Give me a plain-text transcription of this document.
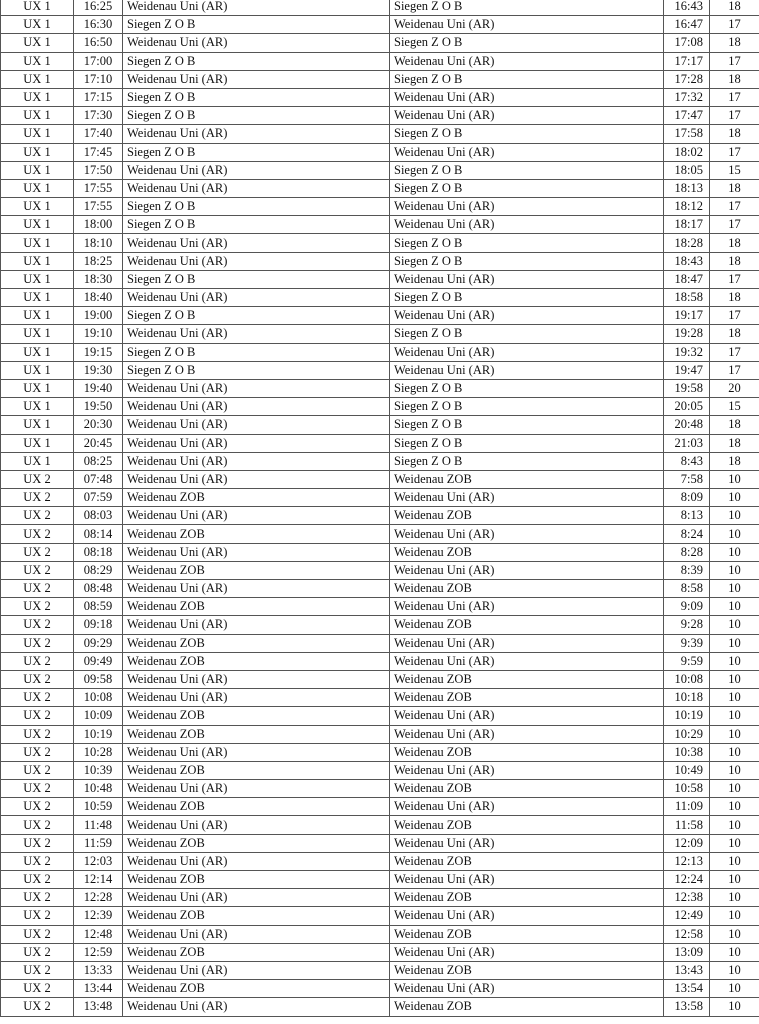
UX 1	16:25	Weidenau Uni (AR)	Siegen Z O B	16:43	18
UX 1	16:30	Siegen Z O B	Weidenau Uni (AR)	16:47	17
UX 1	16:50	Weidenau Uni (AR)	Siegen Z O B	17:08	18
UX 1	17:00	Siegen Z O B	Weidenau Uni (AR)	17:17	17
UX 1	17:10	Weidenau Uni (AR)	Siegen Z O B	17:28	18
UX 1	17:15	Siegen Z O B	Weidenau Uni (AR)	17:32	17
UX 1	17:30	Siegen Z O B	Weidenau Uni (AR)	17:47	17
UX 1	17:40	Weidenau Uni (AR)	Siegen Z O B	17:58	18
UX 1	17:45	Siegen Z O B	Weidenau Uni (AR)	18:02	17
UX 1	17:50	Weidenau Uni (AR)	Siegen Z O B	18:05	15
UX 1	17:55	Weidenau Uni (AR)	Siegen Z O B	18:13	18
UX 1	17:55	Siegen Z O B	Weidenau Uni (AR)	18:12	17
UX 1	18:00	Siegen Z O B	Weidenau Uni (AR)	18:17	17
UX 1	18:10	Weidenau Uni (AR)	Siegen Z O B	18:28	18
UX 1	18:25	Weidenau Uni (AR)	Siegen Z O B	18:43	18
UX 1	18:30	Siegen Z O B	Weidenau Uni (AR)	18:47	17
UX 1	18:40	Weidenau Uni (AR)	Siegen Z O B	18:58	18
UX 1	19:00	Siegen Z O B	Weidenau Uni (AR)	19:17	17
UX 1	19:10	Weidenau Uni (AR)	Siegen Z O B	19:28	18
UX 1	19:15	Siegen Z O B	Weidenau Uni (AR)	19:32	17
UX 1	19:30	Siegen Z O B	Weidenau Uni (AR)	19:47	17
UX 1	19:40	Weidenau Uni (AR)	Siegen Z O B	19:58	20
UX 1	19:50	Weidenau Uni (AR)	Siegen Z O B	20:05	15
UX 1	20:30	Weidenau Uni (AR)	Siegen Z O B	20:48	18
UX 1	20:45	Weidenau Uni (AR)	Siegen Z O B	21:03	18
UX 1	08:25	Weidenau Uni (AR)	Siegen Z O B	8:43	18
UX 2	07:48	Weidenau Uni (AR)	Weidenau ZOB	7:58	10
UX 2	07:59	Weidenau ZOB	Weidenau Uni (AR)	8:09	10
UX 2	08:03	Weidenau Uni (AR)	Weidenau ZOB	8:13	10
UX 2	08:14	Weidenau ZOB	Weidenau Uni (AR)	8:24	10
UX 2	08:18	Weidenau Uni (AR)	Weidenau ZOB	8:28	10
UX 2	08:29	Weidenau ZOB	Weidenau Uni (AR)	8:39	10
UX 2	08:48	Weidenau Uni (AR)	Weidenau ZOB	8:58	10
UX 2	08:59	Weidenau ZOB	Weidenau Uni (AR)	9:09	10
UX 2	09:18	Weidenau Uni (AR)	Weidenau ZOB	9:28	10
UX 2	09:29	Weidenau ZOB	Weidenau Uni (AR)	9:39	10
UX 2	09:49	Weidenau ZOB	Weidenau Uni (AR)	9:59	10
UX 2	09:58	Weidenau Uni (AR)	Weidenau ZOB	10:08	10
UX 2	10:08	Weidenau Uni (AR)	Weidenau ZOB	10:18	10
UX 2	10:09	Weidenau ZOB	Weidenau Uni (AR)	10:19	10
UX 2	10:19	Weidenau ZOB	Weidenau Uni (AR)	10:29	10
UX 2	10:28	Weidenau Uni (AR)	Weidenau ZOB	10:38	10
UX 2	10:39	Weidenau ZOB	Weidenau Uni (AR)	10:49	10
UX 2	10:48	Weidenau Uni (AR)	Weidenau ZOB	10:58	10
UX 2	10:59	Weidenau ZOB	Weidenau Uni (AR)	11:09	10
UX 2	11:48	Weidenau Uni (AR)	Weidenau ZOB	11:58	10
UX 2	11:59	Weidenau ZOB	Weidenau Uni (AR)	12:09	10
UX 2	12:03	Weidenau Uni (AR)	Weidenau ZOB	12:13	10
UX 2	12:14	Weidenau ZOB	Weidenau Uni (AR)	12:24	10
UX 2	12:28	Weidenau Uni (AR)	Weidenau ZOB	12:38	10
UX 2	12:39	Weidenau ZOB	Weidenau Uni (AR)	12:49	10
UX 2	12:48	Weidenau Uni (AR)	Weidenau ZOB	12:58	10
UX 2	12:59	Weidenau ZOB	Weidenau Uni (AR)	13:09	10
UX 2	13:33	Weidenau Uni (AR)	Weidenau ZOB	13:43	10
UX 2	13:44	Weidenau ZOB	Weidenau Uni (AR)	13:54	10
UX 2	13:48	Weidenau Uni (AR)	Weidenau ZOB	13:58	10
